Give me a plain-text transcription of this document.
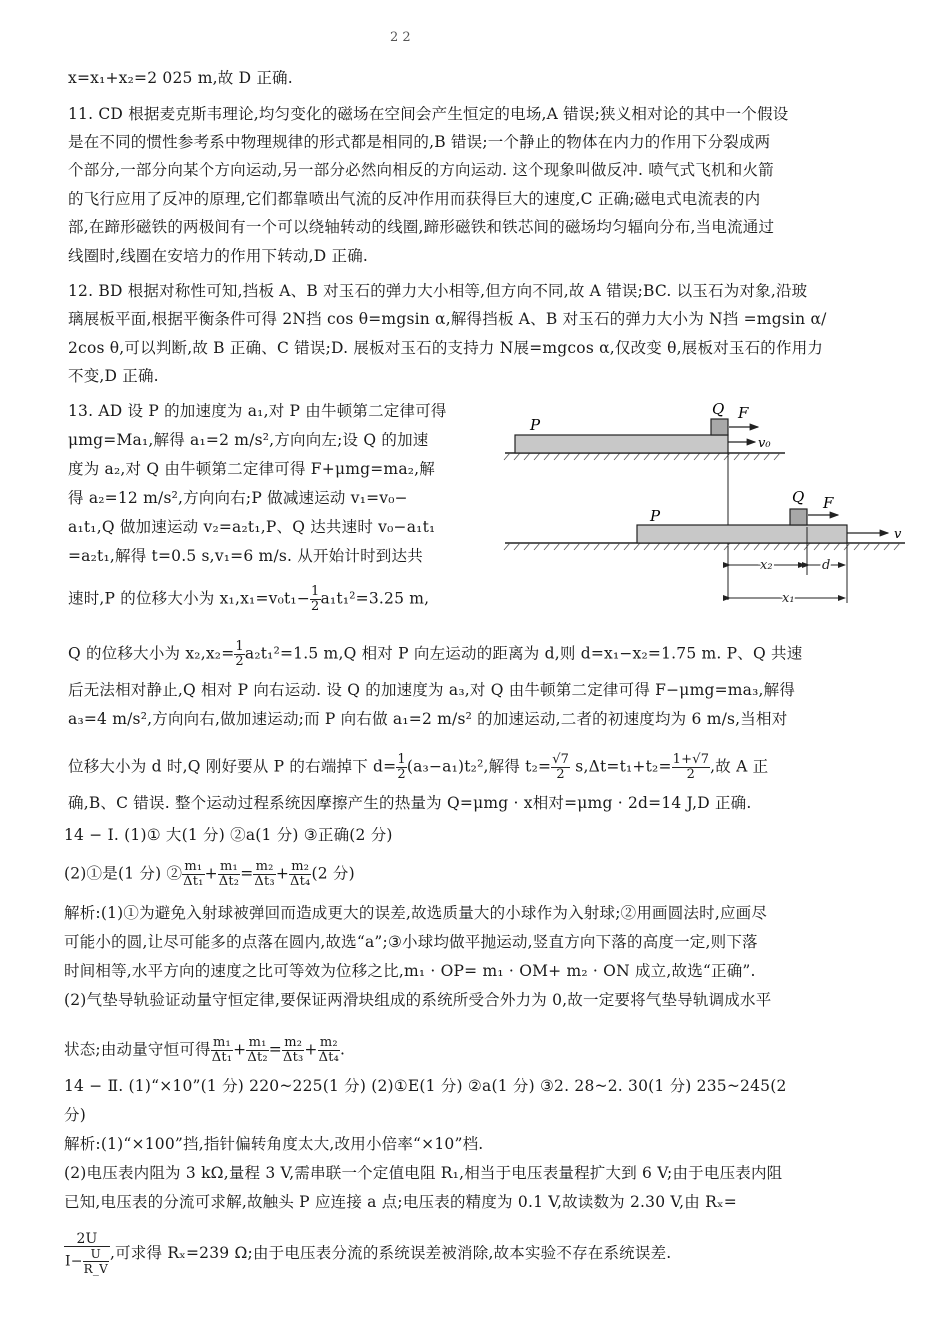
2 2
x=x₁+x₂=2 025 m,故 D 正确.
11. CD 根据麦克斯韦理论,均匀变化的磁场在空间会产生恒定的电场,A 错误;狭义相对论的其中一个假设
是在不同的惯性参考系中物理规律的形式都是相同的,B 错误;一个静止的物体在内力的作用下分裂成两
个部分,一部分向某个方向运动,另一部分必然向相反的方向运动. 这个现象叫做反冲. 喷气式飞机和火箭
的飞行应用了反冲的原理,它们都靠喷出气流的反冲作用而获得巨大的速度,C 正确;磁电式电流表的内
部,在蹄形磁铁的两极间有一个可以绕轴转动的线圈,蹄形磁铁和铁芯间的磁场均匀辐向分布,当电流通过
线圈时,线圈在安培力的作用下转动,D 正确.
12. BD 根据对称性可知,挡板 A、B 对玉石的弹力大小相等,但方向不同,故 A 错误;BC. 以玉石为对象,沿玻
璃展板平面,根据平衡条件可得 2N挡 cos θ=mgsin α,解得挡板 A、B 对玉石的弹力大小为 N挡 =mgsin α/
2cos θ,可以判断,故 B 正确、C 错误;D. 展板对玉石的支持力 N展=mgcos α,仅改变 θ,展板对玉石的作用力
不变,D 正确.
13. AD 设 P 的加速度为 a₁,对 P 由牛顿第二定律可得
μmg=Ma₁,解得 a₁=2 m/s²,方向向左;设 Q 的加速
度为 a₂,对 Q 由牛顿第二定律可得 F+μmg=ma₂,解
得 a₂=12 m/s²,方向向右;P 做减速运动 v₁=v₀−
a₁t₁,Q 做加速运动 v₂=a₂t₁,P、Q 达共速时 v₀−a₁t₁
=a₂t₁,解得 t=0.5 s,v₁=6 m/s. 从开始计时到达共
速时,P 的位移大小为 $x_1,x_1=v_0t_1- \frac{1}{2} a_1t_1^2=3.25$ m,
P
Q F
v₀
P
Q F
v
x₂	d
x₁
Q 的位移大小为 $x_2,x_2= \frac{1}{2} a_2t_1^2=1.5$ m,Q 相对 P 向左运动的距离为 d,则 d=x₁−x₂=1.75 m. P、Q 共速
后无法相对静止,Q 相对 P 向右运动. 设 Q 的加速度为 a₃,对 Q 由牛顿第二定律可得 F−μmg=ma₃,解得
a₃=4 m/s²,方向向右,做加速运动;而 P 向右做 a₁=2 m/s² 的加速运动,二者的初速度均为 6 m/s,当相对
位移大小为 d 时,Q 刚好要从 P 的右端掉下 $d= \frac{1}{2} (a_3-a_1)t_2^2$,解得 $t_2= \frac{√7}{2} s,\Delta t=t_1+t_2= \frac{1+√7}{2}$ ,故 A 正
确,B、C 错误. 整个运动过程系统因摩擦产生的热量为 Q=μmg · x相对=μmg · 2d=14 J,D 正确.
14 − Ⅰ. (1)① 大(1 分) ②a(1 分) ③正确(2 分)
(2)①是(1 分) ② $\frac{\text{m₁}}{\text{Δt₁}} + \frac{\text{m₁}}{\text{Δt₂}} = \frac{\text{m₂}}{\text{Δt₃}} + \frac{\text{m₂}}{\text{Δt₄}} (2$ 分)
解析:(1)①为避免入射球被弹回而造成更大的误差,故选质量大的小球作为入射球;②用画圆法时,应画尽
可能小的圆,让尽可能多的点落在圆内,故选“a”;③小球均做平抛运动,竖直方向下落的高度一定,则下落
时间相等,水平方向的速度之比可等效为位移之比,m₁ · OP= m₁ · OM+ m₂ · ON 成立,故选“正确”.
(2)气垫导轨验证动量守恒定律,要保证两滑块组成的系统所受合外力为 0,故一定要将气垫导轨调成水平
状态;由动量守恒可得 $\frac{\text{m₁}}{\text{Δt₁}} + \frac{\text{m₁}}{\text{Δt₂}} = \frac{\text{m₂}}{\text{Δt₃}} + \frac{\text{m₂}}{\text{Δt₄}}$ .
14 − Ⅱ. (1)“×10”(1 分) 220~225(1 分) (2)①E(1 分) ②a(1 分) ③2. 28~2. 30(1 分) 235~245(2
分)
解析:(1)“×100”挡,指针偏转角度太大,改用小倍率“×10”档.
(2)电压表内阻为 3 kΩ,量程 3 V,需串联一个定值电阻 R₁,相当于电压表量程扩大到 6 V;由于电压表内阻
已知,电压表的分流可求解,故触头 P 应连接 a 点;电压表的精度为 0.1 V,故读数为 2.30 V,由 Rₓ=
$\frac{2U}{I- \frac{U}{R\_V}}$ ,可求得 Rₓ=239 Ω;由于电压表分流的系统误差被消除,故本实验不存在系统误差.
